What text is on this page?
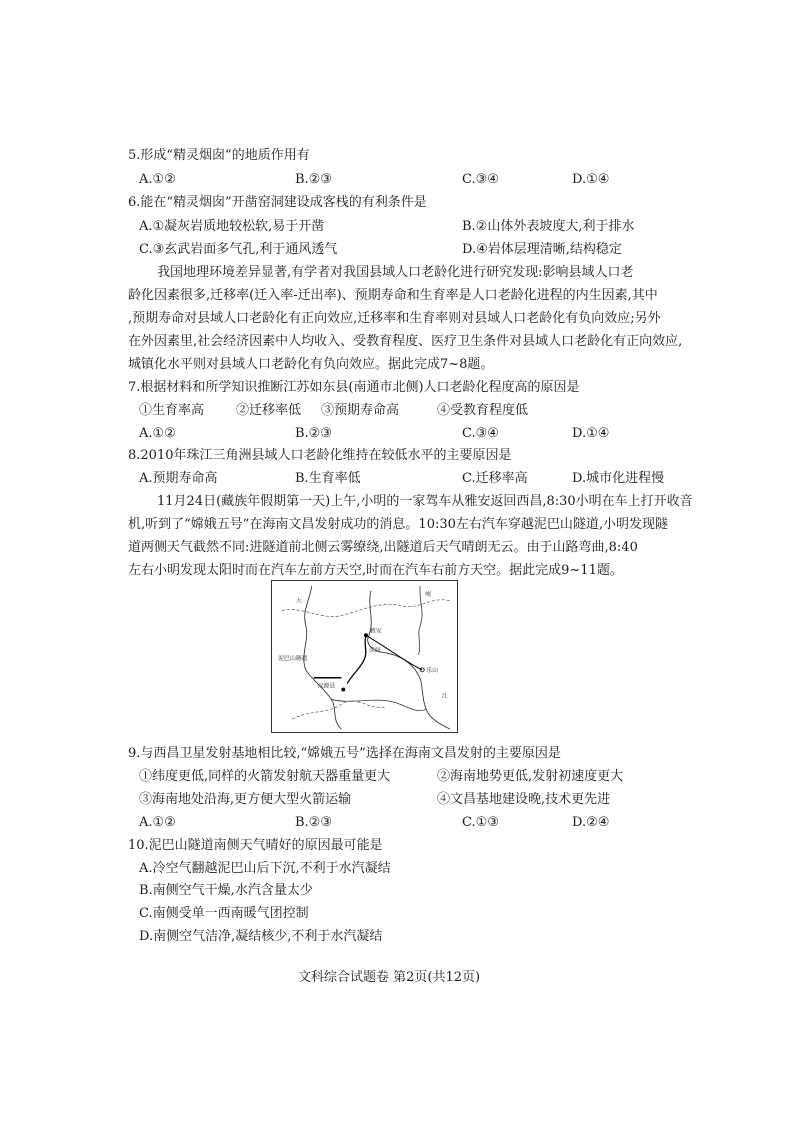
5.形成“精灵烟囱”的地质作用有
A.①②	B.②③	C.③④	D.①④
6.能在“精灵烟囱”开凿窑洞建设成客栈的有利条件是
A.①凝灰岩质地较松软,易于开凿	B.②山体外表坡度大,利于排水
C.③玄武岩面多气孔,利于通风透气	D.④岩体层理清晰,结构稳定
我国地理环境差异显著,有学者对我国县域人口老龄化进行研究发现:影响县域人口老
龄化因素很多,迁移率(迁入率-迁出率)、预期寿命和生育率是人口老龄化进程的内生因素,其中
,预期寿命对县域人口老龄化有正向效应,迁移率和生育率则对县域人口老龄化有负向效应;另外
在外因素里,社会经济因素中人均收入、受教育程度、医疗卫生条件对县域人口老龄化有正向效应,
城镇化水平则对县域人口老龄化有负向效应。据此完成7~8题。
7.根据材料和所学知识推断江苏如东县(南通市北侧)人口老龄化程度高的原因是
①生育率高 ②迁移率低 ③预期寿命高	④受教育程度低
A.①②	B.②③	C.③④	D.①④
8.2010年珠江三角洲县域人口老龄化维持在较低水平的主要原因是
A.预期寿命高	B.生育率低	C.迁移率高	D.城市化进程慢
11月24日(藏族年假期第一天)上午,小明的一家驾车从雅安返回西昌,8:30小明在车上打开收音
机,听到了“嫦娥五号”在海南文昌发射成功的消息。10:30左右汽车穿越泥巴山隧道,小明发现隧
道两侧天气截然不同:进隧道前北侧云雾缭绕,出隧道后天气晴朗无云。由于山路弯曲,8:40
左右小明发现太阳时而在汽车左前方天空,时而在汽车右前方天空。据此完成9~11题。
大
泥巴山隧道
雅安
荥经
汉源县
乐山
江
岷
9.与西昌卫星发射基地相比较,“嫦娥五号”选择在海南文昌发射的主要原因是
①纬度更低,同样的火箭发射航天器重量更大	②海南地势更低,发射初速度更大
③海南地处沿海,更方便大型火箭运输	④文昌基地建设晚,技术更先进
A.①②	B.②③	C.①③	D.②④
10.泥巴山隧道南侧天气晴好的原因最可能是
A.冷空气翻越泥巴山后下沉,不利于水汽凝结
B.南侧空气干燥,水汽含量太少
C.南侧受单一西南暖气团控制
D.南侧空气洁净,凝结核少,不利于水汽凝结
文科综合试题卷 第2页(共12页)
